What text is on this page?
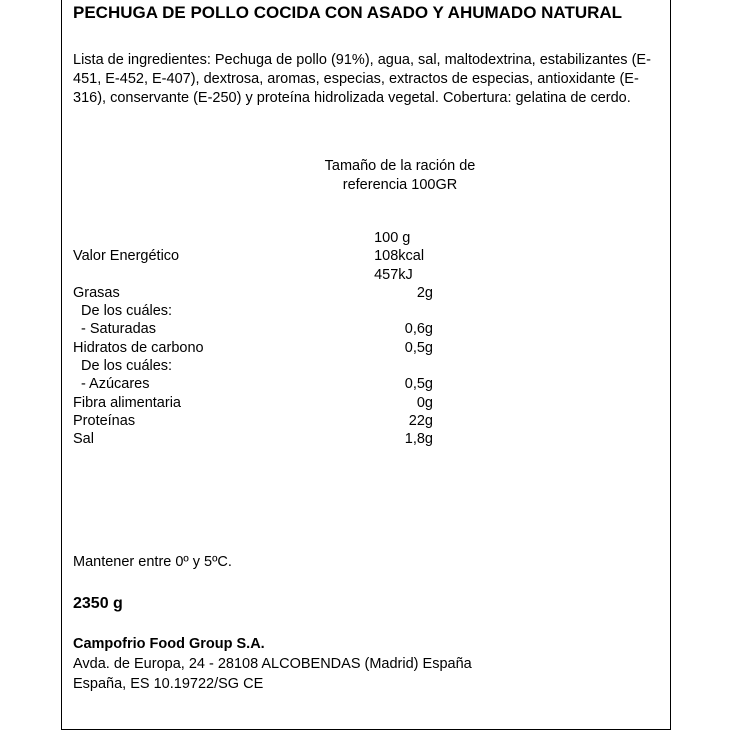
PECHUGA DE POLLO COCIDA CON ASADO Y AHUMADO NATURAL

Lista de ingredientes: Pechuga de pollo (91%), agua, sal, maltodextrina, estabilizantes (E-451, E-452, E-407), dextrosa, aromas, especias, extractos de especias, antioxidante (E-316), conservante (E-250) y proteína hidrolizada vegetal. Cobertura: gelatina de cerdo.

Tamaño de la ración de
referencia 100GR
	100 g
Valor Energético	108kcal
	457kJ
Grasas	2g
De los cuáles:	
- Saturadas	0,6g
Hidratos de carbono	0,5g
De los cuáles:	
- Azúcares	0,5g
Fibra alimentaria	0g
Proteínas	22g
Sal	1,8g
Mantener entre 0º y 5ºC.
2350 g
Campofrio Food Group S.A.
Avda. de Europa, 24 - 28108 ALCOBENDAS (Madrid) España
España, ES 10.19722/SG CE
